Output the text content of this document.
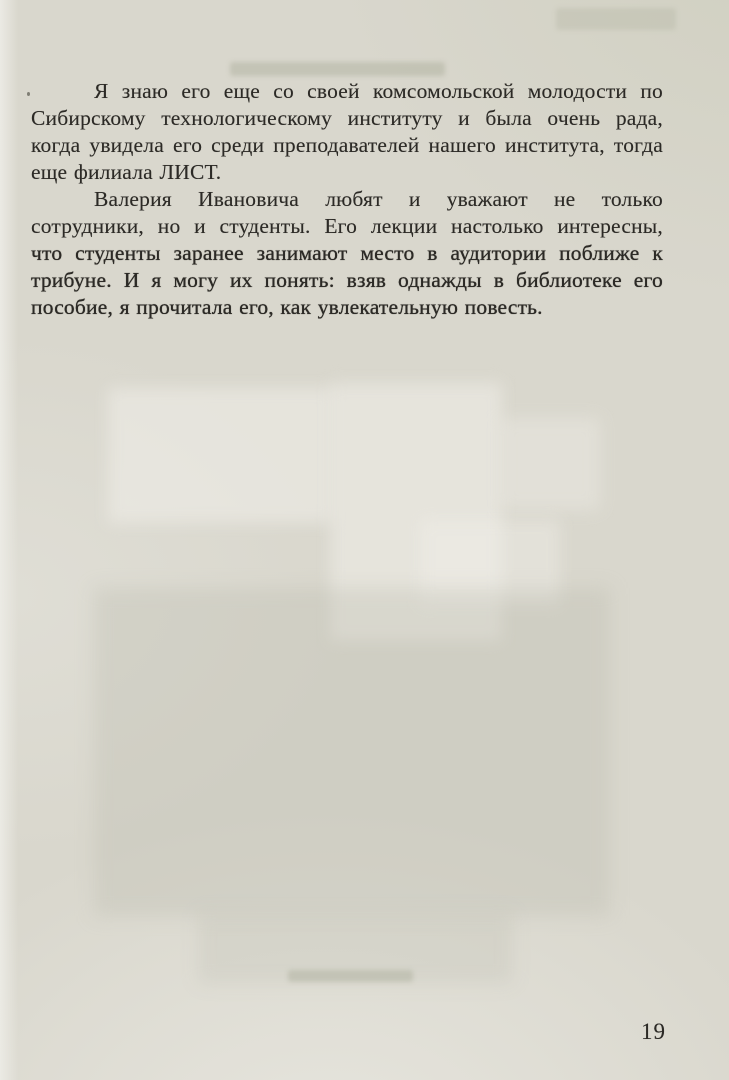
Я знаю его еще со своей комсомольской молодости по
Сибирскому технологическому институту и была очень рада,
когда увидела его среди преподавателей нашего института, тогда
еще филиала ЛИСТ.

Валерия Ивановича любят и уважают не только
сотрудники, но и студенты. Его лекции настолько интересны,
что студенты заранее занимают место в аудитории поближе к
трибуне. И я могу их понять: взяв однажды в библиотеке его
пособие, я прочитала его, как увлекательную повесть.

19
